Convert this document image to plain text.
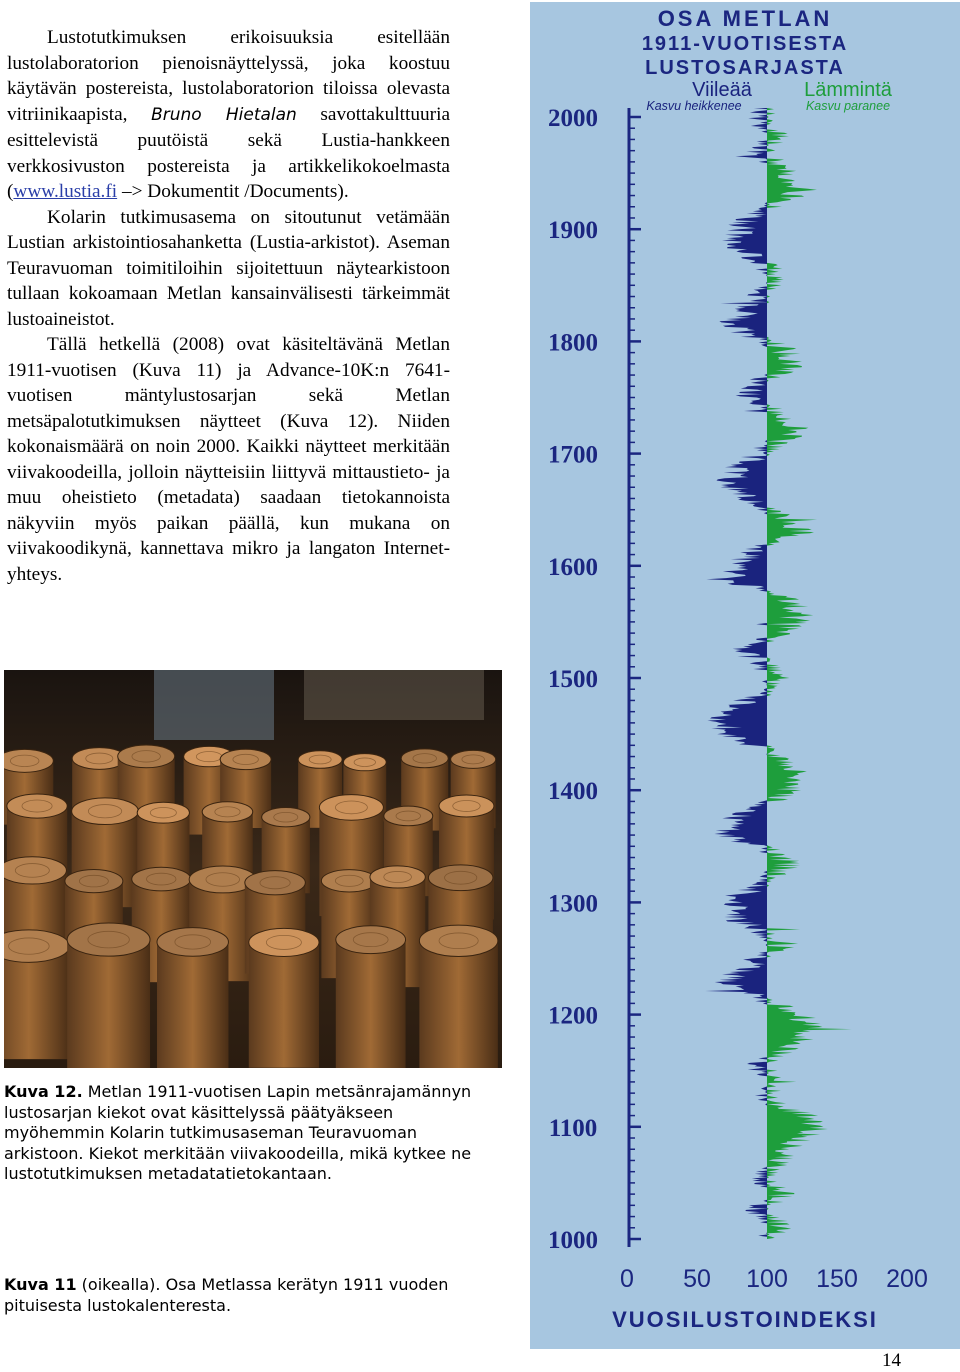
Lustotutkimuksen erikoisuuksia esitellään lustolaboratorion pienoisnäyttelyssä, joka koostuu käytävän postereista, lustolaboratorion tiloissa olevasta vitriinikaapista, Bruno Hietalan savottakulttuuria esittelevistä puutöistä sekä Lustia-hankkeen verkkosivuston postereista ja artikkelikokoelmasta (www.lustia.fi –> Dokumentit /Documents).

Kolarin tutkimusasema on sitoutunut vetämään Lustian arkistointiosahanketta (Lustia-arkistot). Aseman Teuravuoman toimitiloihin sijoitettuun näytearkistoon tullaan kokoamaan Metlan kansainvälisesti tärkeimmät lustoaineistot.

Tällä hetkellä (2008) ovat käsiteltävänä Metlan 1911-vuotisen (Kuva 11) ja Advance-10K:n 7641-vuotisen mäntylustosarjan sekä Metlan metsäpalotutkimuksen näytteet (Kuva 12). Niiden kokonaismäärä on noin 2000. Kaikki näytteet merkitään viivakoodeilla, jolloin näytteisiin liittyvä mittaustieto- ja muu oheistieto (metadata) saadaan tietokannoista näkyviin myös paikan päällä, kun mukana on viivakoodikynä, kannettava mikro ja langaton Internet-yhteys.

Kuva 12. Metlan 1911-vuotisen Lapin metsänrajamännyn lustosarjan kiekot ovat käsittelyssä päätyäkseen myöhemmin Kolarin tutkimusaseman Teuravuoman arkistoon. Kiekot merkitään viivakoodeilla, mikä kytkee ne lustotutkimuksen metadatatietokantaan.
Kuva 11 (oikealla). Osa Metlassa kerätyn 1911 vuoden pituisesta lustokalenteresta.
OSA METLAN
1911-VUOTISESTA
LUSTOSARJASTA
Viileää
Kasvu heikkenee
Lämmintä
Kasvu paranee
1000
1100
1200
1300
1400
1500
1600
1700
1800
1900
2000
0 50 100 150 200
VUOSILUSTOINDEKSI
14
